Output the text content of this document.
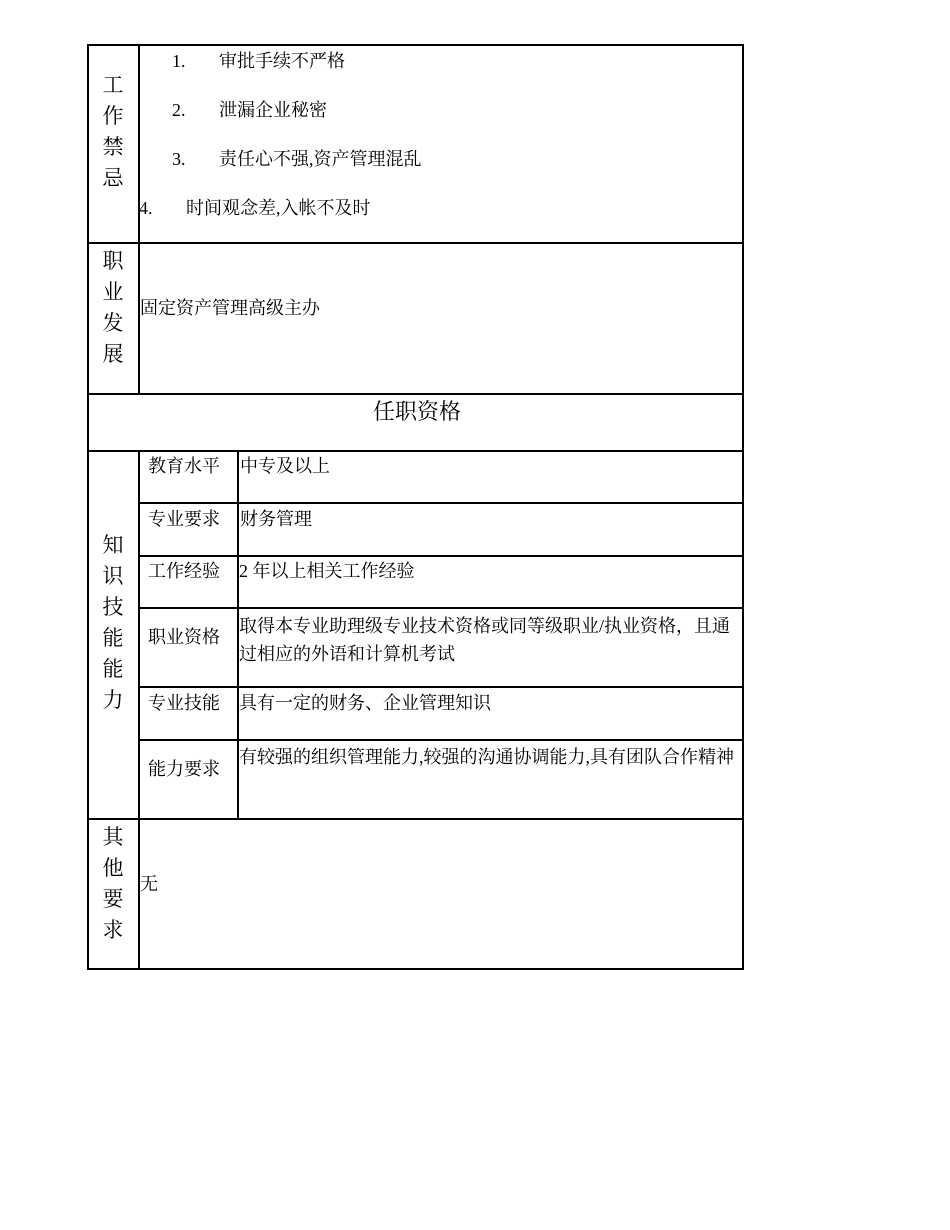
工
作
禁
忌
1. 审批手续不严格
2. 泄漏企业秘密
3. 责任心不强,资产管理混乱
4. 时间观念差,入帐不及时
职
业
发
展
固定资产管理高级主办
任职资格
知
识
技
能
能
力
教育水平 中专及以上
专业要求 财务管理
工作经验 2 年以上相关工作经验
职业资格
取得本专业助理级专业技术资格或同等级职业/执业资格，且通过相应的外语和计算机考试
专业技能 具有一定的财务、企业管理知识
能力要求
有较强的组织管理能力,较强的沟通协调能力,具有团队合作精神
其
他
要
求
无
